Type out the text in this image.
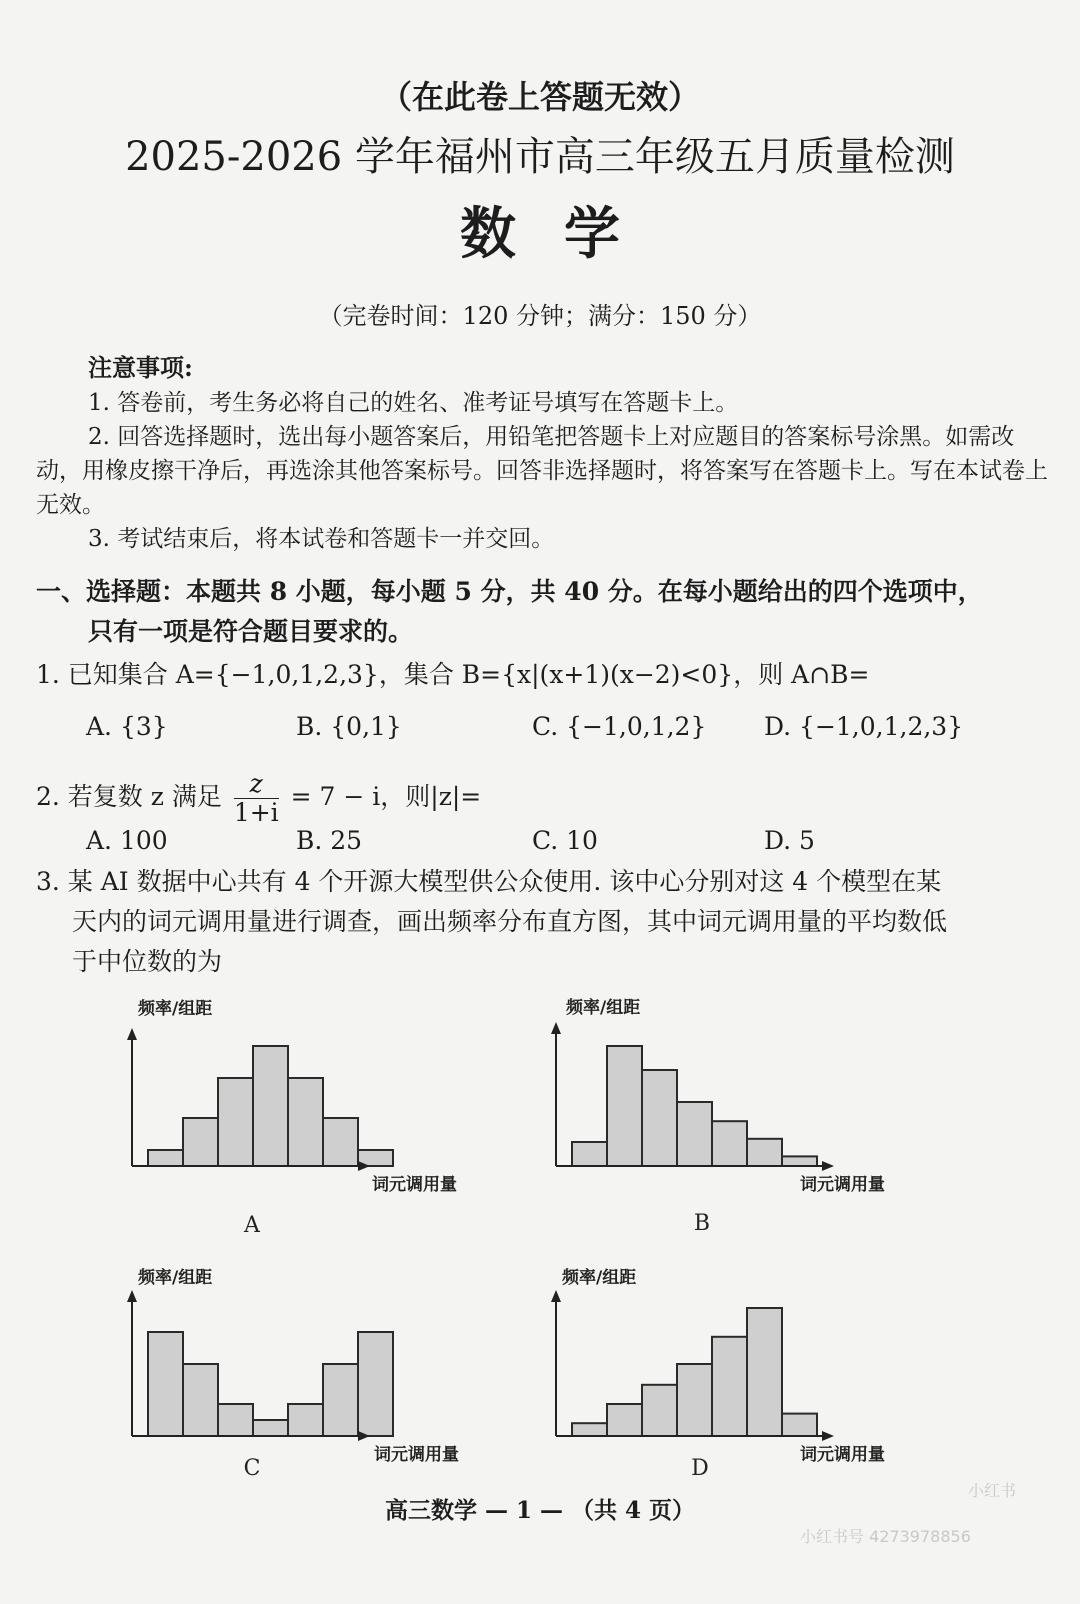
（在此卷上答题无效）
2025-2026 学年福州市高三年级五月质量检测
数学
（完卷时间：120 分钟；满分：150 分）
注意事项:
1. 答卷前，考生务必将自己的姓名、准考证号填写在答题卡上。
2. 回答选择题时，选出每小题答案后，用铅笔把答题卡上对应题目的答案标号涂黑。如需改动，用橡皮擦干净后，再选涂其他答案标号。回答非选择题时，将答案写在答题卡上。写在本试卷上无效。
3. 考试结束后，将本试卷和答题卡一并交回。
一、选择题：本题共 8 小题，每小题 5 分，共 40 分。在每小题给出的四个选项中，
只有一项是符合题目要求的。
1. 已知集合 A={−1,0,1,2,3}，集合 B={x|(x+1)(x−2)<0}，则 A∩B=
A. {3}	B. {0,1}	C. {−1,0,1,2} D. {−1,0,1,2,3}
2. 若复数 z 满足 $\frac{z}{1+i} = 7 - i$，则|z|=
A. 100	B. 25	C. 10	D. 5
3. 某 AI 数据中心共有 4 个开源大模型供公众使用. 该中心分别对这 4 个模型在某
天内的词元调用量进行调查，画出频率分布直方图，其中词元调用量的平均数低
于中位数的为
频率/组距
词元调用量
A
频率/组距
词元调用量
B
频率/组距
词元调用量
C
频率/组距
词元调用量
D
高三数学 — 1 — （共 4 页）
小红书
小红书号 4273978856
